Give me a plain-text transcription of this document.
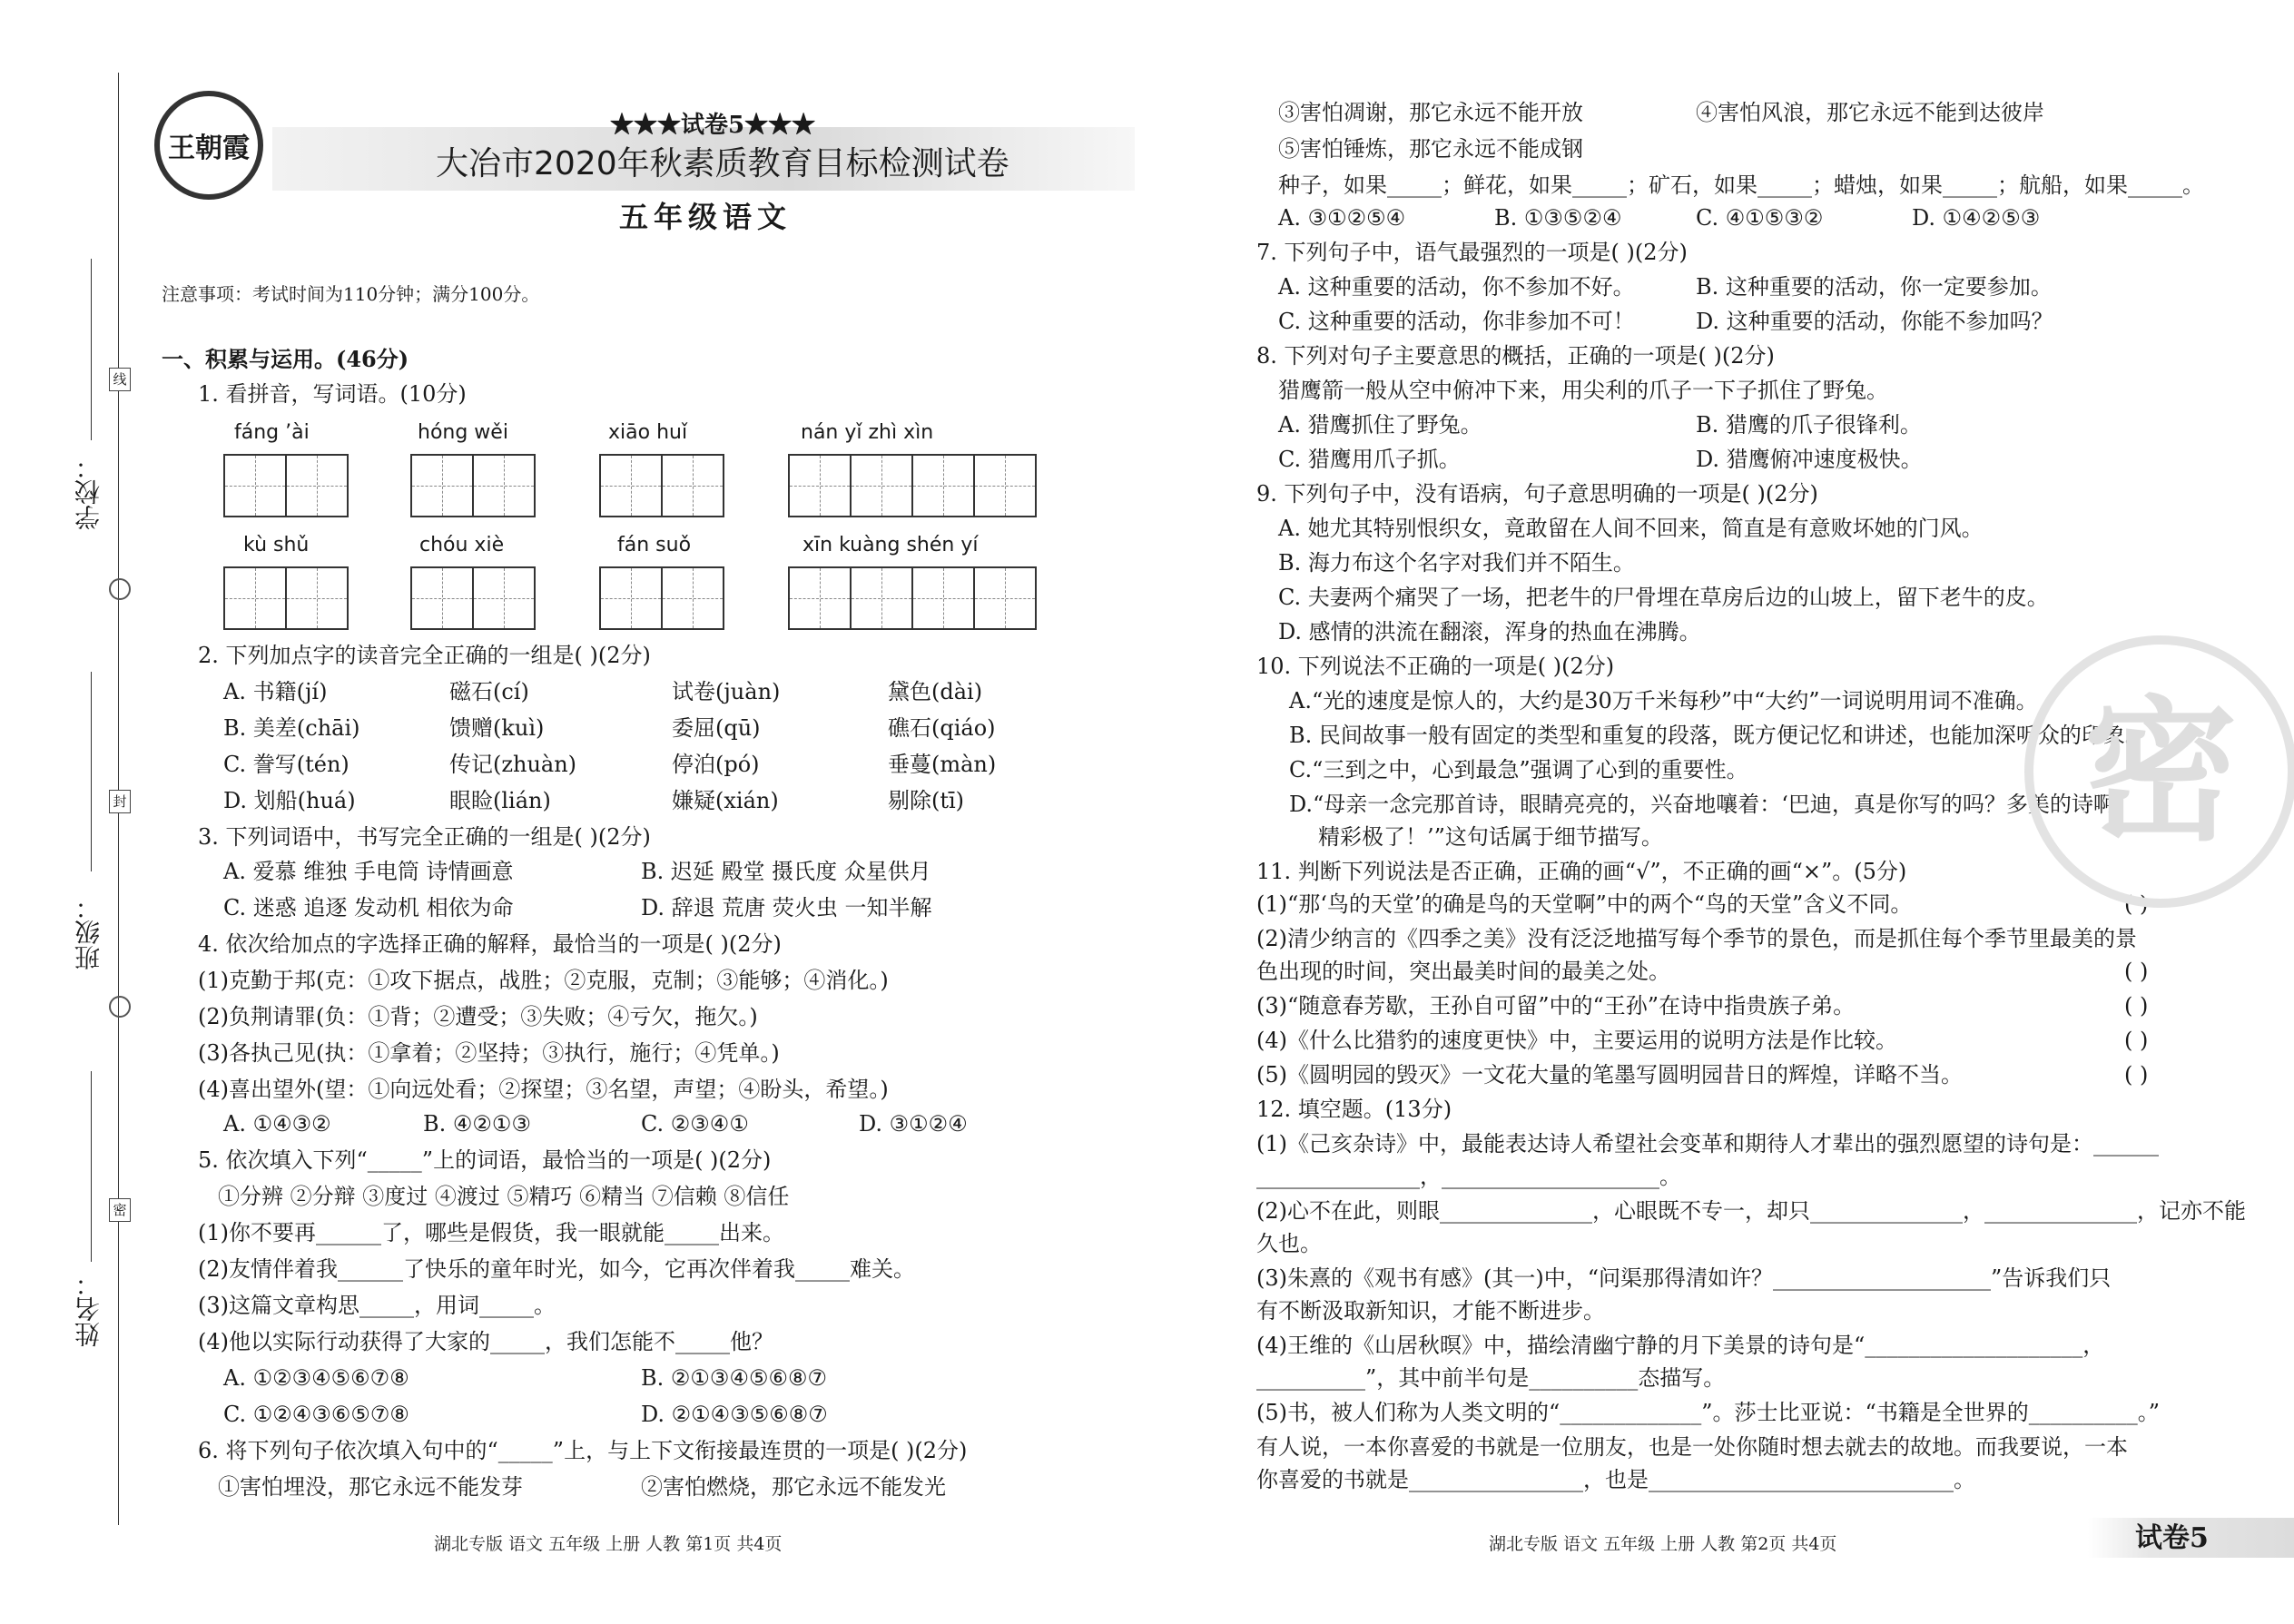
学校：
班级：
姓名：
线
封
密
王朝霞
★★★试卷5★★★
大冶市2020年秋素质教育目标检测试卷
五年级语文
注意事项：考试时间为110分钟；满分100分。
一、积累与运用。(46分)
1. 看拼音，写词语。(10分)
fáng ’ài	hóng wěi	xiāo huǐ	nán yǐ zhì xìn
kù shǔ	chóu xiè	fán suǒ	xīn kuàng shén yí
2. 下列加点字的读音完全正确的一组是( )(2分)
A. 书籍(jí)	磁石(cí)	试卷(juàn)	黛色(dài)
B. 美差(chāi)	馈赠(kuì)	委屈(qū)	礁石(qiáo)
C. 誊写(tén)	传记(zhuàn)	停泊(pó)	垂蔓(màn)
D. 划船(huá)	眼睑(lián)	嫌疑(xián)	剔除(tī)
3. 下列词语中，书写完全正确的一组是( )(2分)
A. 爱慕 维独 手电筒 诗情画意	B. 迟延 殿堂 摄氏度 众星供月
C. 迷惑 追逐 发动机 相依为命	D. 辞退 荒唐 荧火虫 一知半解
4. 依次给加点的字选择正确的解释，最恰当的一项是( )(2分)
(1)克勤于邦(克：①攻下据点，战胜；②克服，克制；③能够；④消化。)
(2)负荆请罪(负：①背；②遭受；③失败；④亏欠，拖欠。)
(3)各执己见(执：①拿着；②坚持；③执行，施行；④凭单。)
(4)喜出望外(望：①向远处看；②探望；③名望，声望；④盼头，希望。)
A. ①④③②	B. ④②①③	C. ②③④①	D. ③①②④
5. 依次填入下列“_____”上的词语，最恰当的一项是( )(2分)
①分辨 ②分辩 ③度过 ④渡过 ⑤精巧 ⑥精当 ⑦信赖 ⑧信任
(1)你不要再______了，哪些是假货，我一眼就能_____出来。
(2)友情伴着我______了快乐的童年时光，如今，它再次伴着我_____难关。
(3)这篇文章构思_____，用词_____。
(4)他以实际行动获得了大家的_____，我们怎能不_____他？
A. ①②③④⑤⑥⑦⑧	B. ②①③④⑤⑥⑧⑦
C. ①②④③⑥⑤⑦⑧	D. ②①④③⑤⑥⑧⑦
6. 将下列句子依次填入句中的“_____”上，与上下文衔接最连贯的一项是( )(2分)
①害怕埋没，那它永远不能发芽	②害怕燃烧，那它永远不能发光
湖北专版 语文 五年级 上册 人教 第1页 共4页
③害怕凋谢，那它永远不能开放	④害怕风浪，那它永远不能到达彼岸
⑤害怕锤炼，那它永远不能成钢
种子，如果_____；鲜花，如果_____；矿石，如果_____；蜡烛，如果_____；航船，如果_____。
A. ③①②⑤④	B. ①③⑤②④	C. ④①⑤③②	D. ①④②⑤③
7. 下列句子中，语气最强烈的一项是( )(2分)
A. 这种重要的活动，你不参加不好。	B. 这种重要的活动，你一定要参加。
C. 这种重要的活动，你非参加不可！	D. 这种重要的活动，你能不参加吗？
8. 下列对句子主要意思的概括，正确的一项是( )(2分)
猎鹰箭一般从空中俯冲下来，用尖利的爪子一下子抓住了野兔。
A. 猎鹰抓住了野兔。	B. 猎鹰的爪子很锋利。
C. 猎鹰用爪子抓。	D. 猎鹰俯冲速度极快。
9. 下列句子中，没有语病，句子意思明确的一项是( )(2分)
A. 她尤其特别恨织女，竟敢留在人间不回来，简直是有意败坏她的门风。
B. 海力布这个名字对我们并不陌生。
C. 夫妻两个痛哭了一场，把老牛的尸骨埋在草房后边的山坡上，留下老牛的皮。
D. 感情的洪流在翻滚，浑身的热血在沸腾。
10. 下列说法不正确的一项是( )(2分)
A.“光的速度是惊人的，大约是30万千米每秒”中“大约”一词说明用词不准确。
B. 民间故事一般有固定的类型和重复的段落，既方便记忆和讲述，也能加深听众的印象。
C.“三到之中，心到最急”强调了心到的重要性。
D.“母亲一念完那首诗，眼睛亮亮的，兴奋地嚷着：‘巴迪，真是你写的吗？多美的诗啊！
精彩极了！’”这句话属于细节描写。
11. 判断下列说法是否正确，正确的画“√”，不正确的画“×”。(5分)
(1)“那‘鸟的天堂’的确是鸟的天堂啊”中的两个“鸟的天堂”含义不同。	( )
(2)清少纳言的《四季之美》没有泛泛地描写每个季节的景色，而是抓住每个季节里最美的景
色出现的时间，突出最美时间的最美之处。	( )
(3)“随意春芳歇，王孙自可留”中的“王孙”在诗中指贵族子弟。	( )
(4)《什么比猎豹的速度更快》中，主要运用的说明方法是作比较。	( )
(5)《圆明园的毁灭》一文花大量的笔墨写圆明园昔日的辉煌，详略不当。	( )
12. 填空题。(13分)
(1)《己亥杂诗》中，最能表达诗人希望社会变革和期待人才辈出的强烈愿望的诗句是：______
_______________，____________________。
(2)心不在此，则眼______________，心眼既不专一，却只______________，______________，记亦不能
久也。
(3)朱熹的《观书有感》(其一)中，“问渠那得清如许？____________________”告诉我们只
有不断汲取新知识，才能不断进步。
(4)王维的《山居秋暝》中，描绘清幽宁静的月下美景的诗句是“____________________，
__________”，其中前半句是__________态描写。
(5)书，被人们称为人类文明的“_____________”。莎士比亚说：“书籍是全世界的__________。”
有人说，一本你喜爱的书就是一位朋友，也是一处你随时想去就去的故地。而我要说，一本
你喜爱的书就是________________，也是____________________________。
密
湖北专版 语文 五年级 上册 人教 第2页 共4页	试卷5
